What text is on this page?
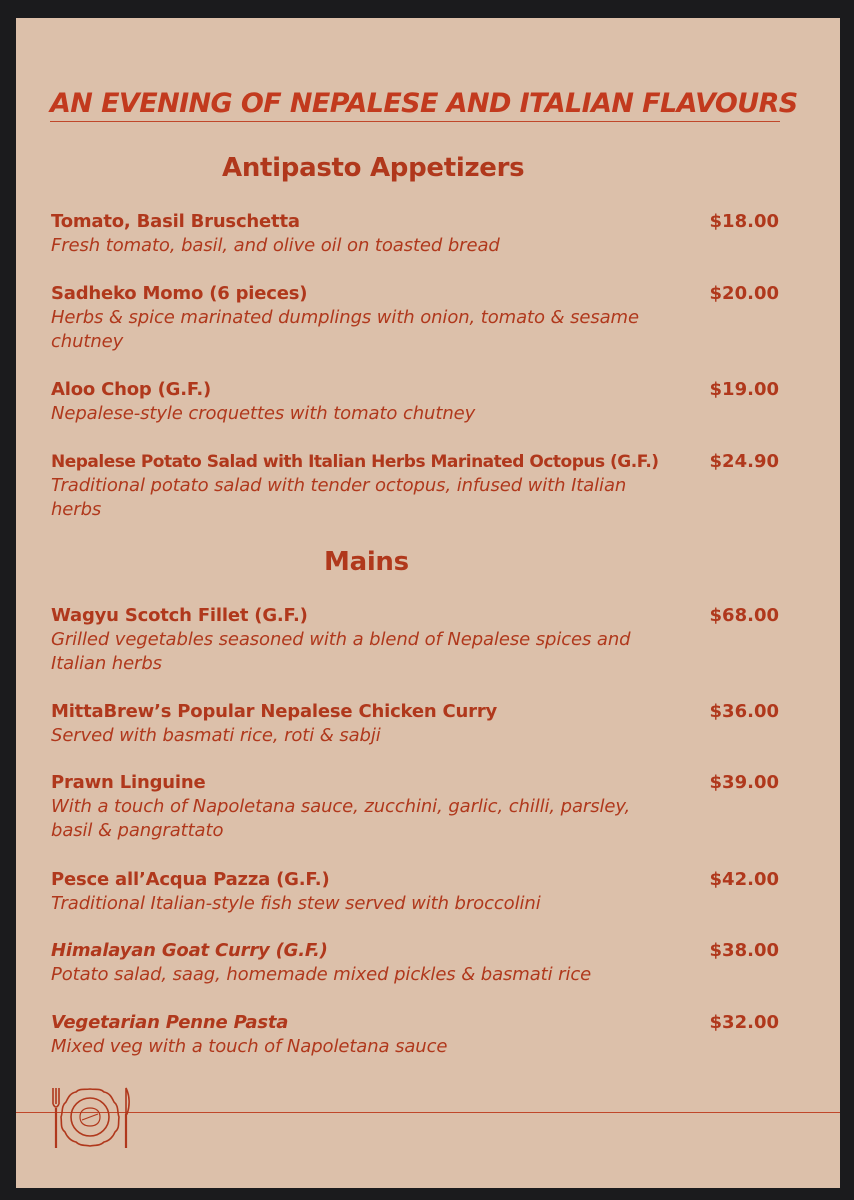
AN EVENING OF NEPALESE AND ITALIAN FLAVOURS
Antipasto Appetizers
Tomato, Basil Bruschetta	$18.00
Fresh tomato, basil, and olive oil on toasted bread
Sadheko Momo (6 pieces)	$20.00
Herbs & spice marinated dumplings with onion, tomato & sesame chutney
Aloo Chop (G.F.)	$19.00
Nepalese-style croquettes with tomato chutney
Nepalese Potato Salad with Italian Herbs Marinated Octopus (G.F.)	$24.90
Traditional potato salad with tender octopus, infused with Italian herbs
Mains
Wagyu Scotch Fillet (G.F.)	$68.00
Grilled vegetables seasoned with a blend of Nepalese spices and Italian herbs
MittaBrew’s Popular Nepalese Chicken Curry	$36.00
Served with basmati rice, roti & sabji
Prawn Linguine	$39.00
With a touch of Napoletana sauce, zucchini, garlic, chilli, parsley, basil & pangrattato
Pesce all’Acqua Pazza (G.F.)	$42.00
Traditional Italian-style fish stew served with broccolini
Himalayan Goat Curry (G.F.)	$38.00
Potato salad, saag, homemade mixed pickles & basmati rice
Vegetarian Penne Pasta	$32.00
Mixed veg with a touch of Napoletana sauce
